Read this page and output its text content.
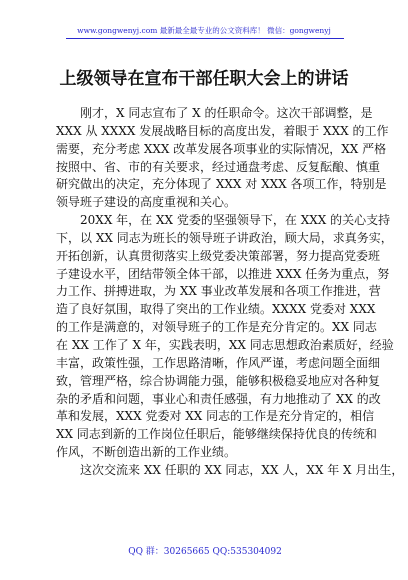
www.gongwenyj.com 最新最全最专业的公文资料库！ 微信：gongwenyj
上级领导在宣布干部任职大会上的讲话
刚才，X 同志宣布了 X 的任职命令。这次干部调整，是
XXX 从 XXXX 发展战略目标的高度出发，着眼于 XXX 的工作
需要，充分考虑 XXX 改革发展各项事业的实际情况，XX 严格
按照中、省、市的有关要求，经过通盘考虑、反复酝酿、慎重
研究做出的决定，充分体现了 XXX 对 XXX 各项工作，特别是
领导班子建设的高度重视和关心。
20XX 年，在 XX 党委的坚强领导下，在 XXX 的关心支持
下，以 XX 同志为班长的领导班子讲政治，顾大局，求真务实，
开拓创新，认真贯彻落实上级党委决策部署，努力提高党委班
子建设水平，团结带领全体干部，以推进 XXX 任务为重点，努
力工作、拼搏进取，为 XX 事业改革发展和各项工作推进，营
造了良好氛围，取得了突出的工作业绩。XXXX 党委对 XXX
的工作是满意的，对领导班子的工作是充分肯定的。XX 同志
在 XX 工作了 X 年，实践表明，XX 同志思想政治素质好，经验
丰富，政策性强，工作思路清晰，作风严谨，考虑问题全面细
致，管理严格，综合协调能力强，能够积极稳妥地应对各种复
杂的矛盾和问题，事业心和责任感强，有力地推动了 XX 的改
革和发展，XXX 党委对 XX 同志的工作是充分肯定的，相信
XX 同志到新的工作岗位任职后，能够继续保持优良的传统和
作风，不断创造出新的工作业绩。
这次交流来 XX 任职的 XX 同志，XX 人，XX 年 X 月出生，
QQ 群：30265665 QQ:535304092
